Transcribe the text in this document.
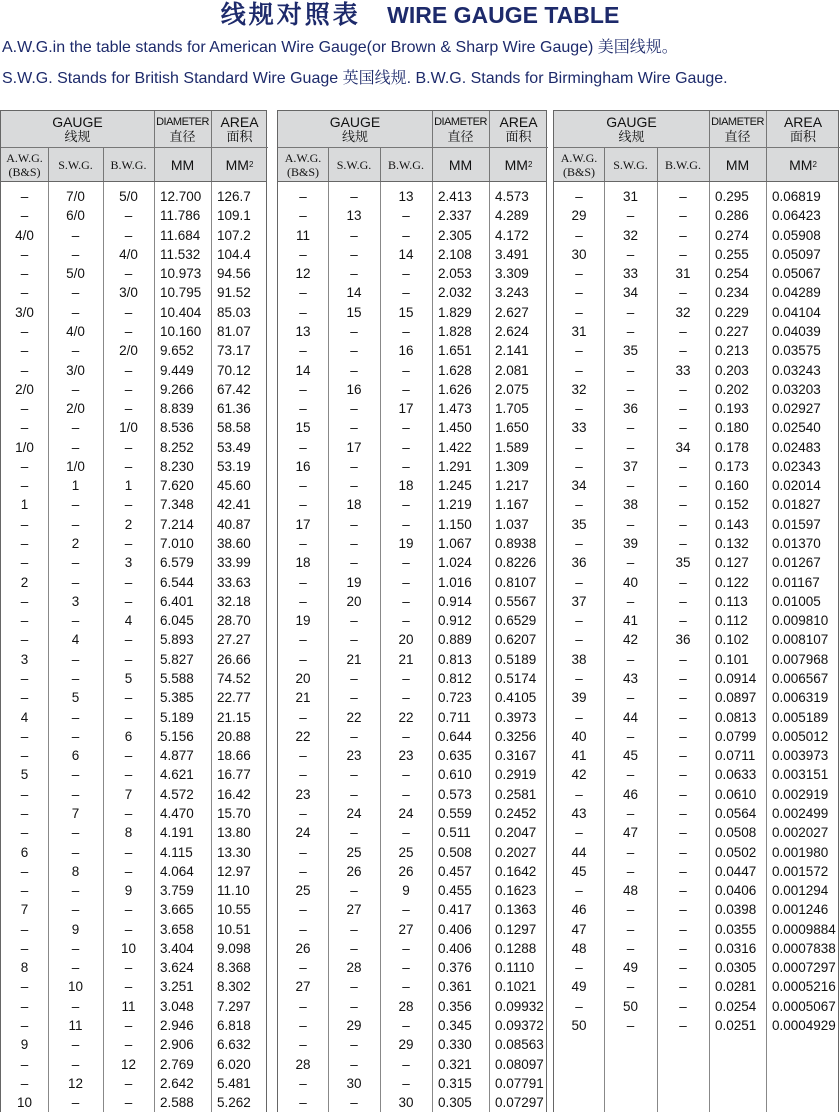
线规对照表 WIRE GAUGE TABLE
A.W.G.in the table stands for American Wire Gauge(or Brown & Sharp Wire Gauge) 美国线规。
S.W.G. Stands for British Standard Wire Guage 英国线规. B.W.G. Stands for Birmingham Wire Gauge.
GAUGE
线规
DIAMETER
直径
AREA
面积
A.W.G.
(B&S)	S.W.G.	B.W.G.	MM	MM 2
–	7/0	5/0	12.700 126.7
–	6/0	–	11.786 109.1
4/0	–	–	11.684 107.2
–	–	4/0	11.532 104.4
–	5/0	–	10.973 94.56
–	–	3/0	10.795 91.52
3/0	–	–	10.404 85.03
–	4/0	–	10.160 81.07
–	–	2/0	9.652 73.17
–	3/0	–	9.449 70.12
2/0	–	–	9.266 67.42
–	2/0	–	8.839 61.36
–	–	1/0	8.536 58.58
1/0	–	–	8.252 53.49
–	1/0	–	8.230 53.19
–	1	1	7.620 45.60
1	–	–	7.348 42.41
–	–	2	7.214 40.87
–	2	–	7.010 38.60
–	–	3	6.579 33.99
2	–	–	6.544 33.63
–	3	–	6.401 32.18
–	–	4	6.045 28.70
–	4	–	5.893 27.27
3	–	–	5.827 26.66
–	–	5	5.588 74.52
–	5	–	5.385 22.77
4	–	–	5.189 21.15
–	–	6	5.156 20.88
–	6	–	4.877 18.66
5	–	–	4.621 16.77
–	–	7	4.572 16.42
–	7	–	4.470 15.70
–	–	8	4.191 13.80
6	–	–	4.115 13.30
–	8	–	4.064 12.97
–	–	9	3.759 11.10
7	–	–	3.665 10.55
–	9	–	3.658 10.51
–	–	10	3.404 9.098
8	–	–	3.624 8.368
–	10	–	3.251 8.302
–	–	11	3.048 7.297
–	11	–	2.946 6.818
9	–	–	2.906 6.632
–	–	12	2.769 6.020
–	12	–	2.642 5.481
10	–	–	2.588 5.262
GAUGE
线规
DIAMETER
直径
AREA
面积
A.W.G.
(B&S)	S.W.G.	B.W.G.	MM	MM 2
–	–	13	2.413 4.573
–	13	–	2.337 4.289
11	–	–	2.305 4.172
–	–	14	2.108 3.491
12	–	–	2.053 3.309
–	14	–	2.032 3.243
–	15	15	1.829 2.627
13	–	–	1.828 2.624
–	–	16	1.651 2.141
14	–	–	1.628 2.081
–	16	–	1.626 2.075
–	–	17	1.473 1.705
15	–	–	1.450 1.650
–	17	–	1.422 1.589
16	–	–	1.291 1.309
–	–	18	1.245 1.217
–	18	–	1.219 1.167
17	–	–	1.150 1.037
–	–	19	1.067 0.8938
18	–	–	1.024 0.8226
–	19	–	1.016 0.8107
–	20	–	0.914 0.5567
19	–	–	0.912 0.6529
–	–	20	0.889 0.6207
–	21	21	0.813 0.5189
20	–	–	0.812 0.5174
21	–	–	0.723 0.4105
–	22	22	0.711 0.3973
22	–	–	0.644 0.3256
–	23	23	0.635 0.3167
–	–	–	0.610 0.2919
23	–	–	0.573 0.2581
–	24	24	0.559 0.2452
24	–	–	0.511 0.2047
–	25	25	0.508 0.2027
–	26	26	0.457 0.1642
25	–	9	0.455 0.1623
–	27	–	0.417 0.1363
–	–	27	0.406 0.1297
26	–	–	0.406 0.1288
–	28	–	0.376 0.1110
27	–	–	0.361 0.1021
–	–	28	0.356 0.09932
–	29	–	0.345 0.09372
–	–	29	0.330 0.08563
28	–	–	0.321 0.08097
–	30	–	0.315 0.07791
–	–	30	0.305 0.07297
GAUGE
线规
DIAMETER
直径
AREA
面积
A.W.G.
(B&S)	S.W.G.	B.W.G.	MM	MM 2
–	31	–	0.295 0.06819
29	–	–	0.286 0.06423
–	32	–	0.274 0.05908
30	–	–	0.255 0.05097
–	33	31	0.254 0.05067
–	34	–	0.234 0.04289
–	–	32	0.229 0.04104
31	–	–	0.227 0.04039
–	35	–	0.213 0.03575
–	–	33	0.203 0.03243
32	–	–	0.202 0.03203
–	36	–	0.193 0.02927
33	–	–	0.180 0.02540
–	–	34	0.178 0.02483
–	37	–	0.173 0.02343
34	–	–	0.160 0.02014
–	38	–	0.152 0.01827
35	–	–	0.143 0.01597
–	39	–	0.132 0.01370
36	–	35	0.127 0.01267
–	40	–	0.122 0.01167
37	–	–	0.113 0.01005
–	41	–	0.112 0.009810
–	42	36	0.102 0.008107
38	–	–	0.101 0.007968
–	43	–	0.0914 0.006567
39	–	–	0.0897 0.006319
–	44	–	0.0813 0.005189
40	–	–	0.0799 0.005012
41	45	–	0.0711 0.003973
42	–	–	0.0633 0.003151
–	46	–	0.0610 0.002919
43	–	–	0.0564 0.002499
–	47	–	0.0508 0.002027
44	–	–	0.0502 0.001980
45	–	–	0.0447 0.001572
–	48	–	0.0406 0.001294
46	–	–	0.0398 0.001246
47	–	–	0.0355 0.0009884
48	–	–	0.0316 0.0007838
–	49	–	0.0305 0.0007297
49	–	–	0.0281 0.0005216
–	50	–	0.0254 0.0005067
50	–	–	0.0251 0.0004929
